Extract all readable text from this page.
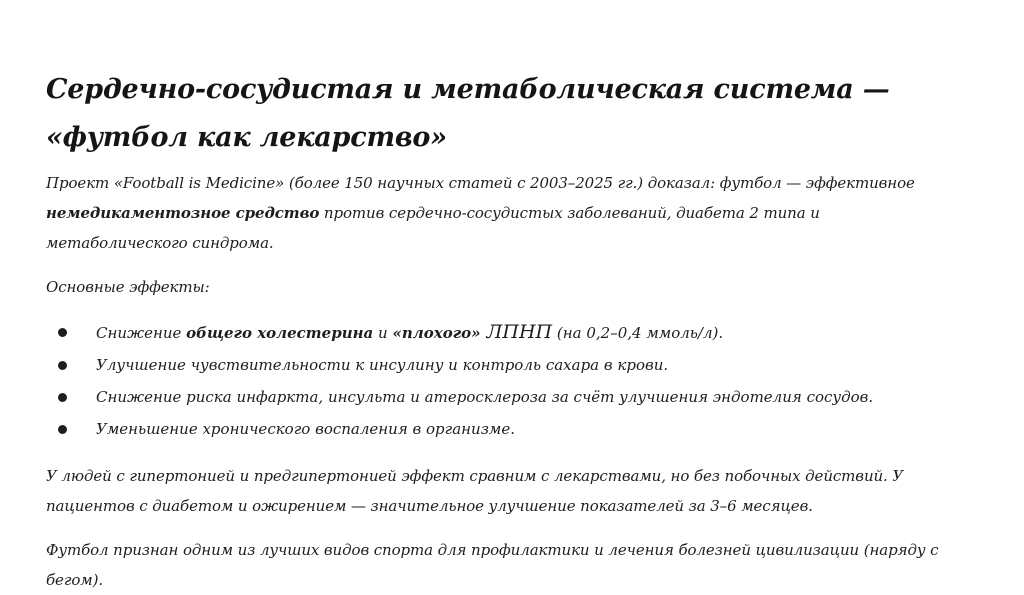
Сердечно-сосудистая и метаболическая система — «футбол как лекарство»

Проект «Football is Medicine» (более 150 научных статей с 2003–2025 гг.) доказал: футбол — эффективное немедикаментозное средство против сердечно-сосудистых заболеваний, диабета 2 типа и метаболического синдрома.

Основные эффекты:

Снижение общего холестерина и «плохого» ЛПНП (на 0,2–0,4 ммоль/л).
Улучшение чувствительности к инсулину и контроль сахара в крови.
Снижение риска инфаркта, инсульта и атеросклероза за счёт улучшения эндотелия сосудов.
Уменьшение хронического воспаления в организме.

У людей с гипертонией и предгипертонией эффект сравним с лекарствами, но без побочных действий. У пациентов с диабетом и ожирением — значительное улучшение показателей за 3–6 месяцев.

Футбол признан одним из лучших видов спорта для профилактики и лечения болезней цивилизации (наряду с бегом).
